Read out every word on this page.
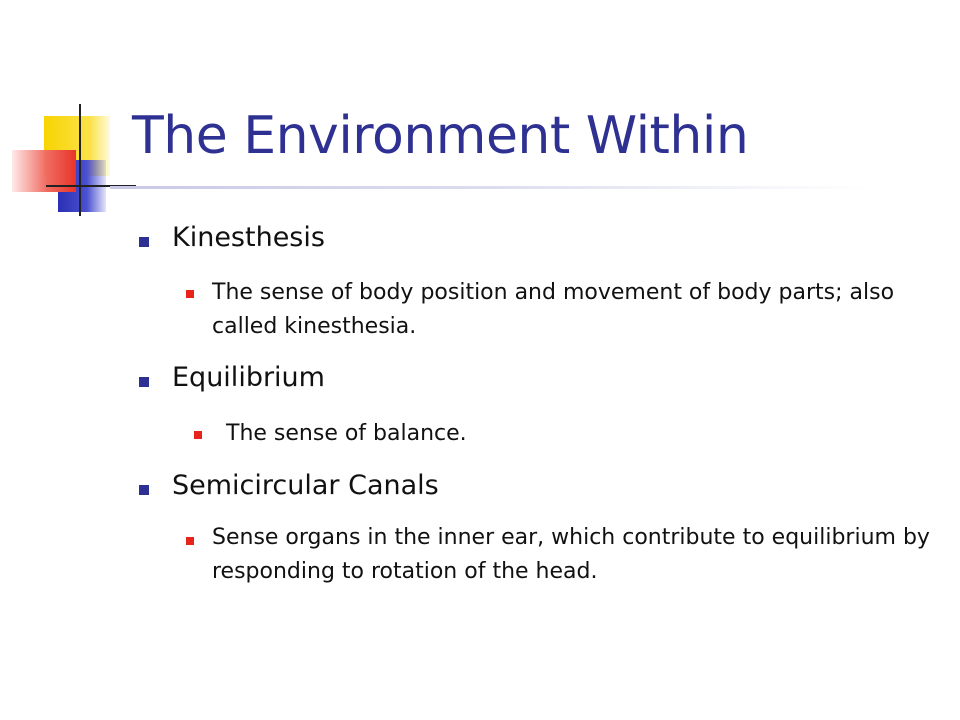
The Environment Within
Kinesthesis
The sense of body position and movement of body parts; also called kinesthesia.
Equilibrium
The sense of balance.
Semicircular Canals
Sense organs in the inner ear, which contribute to equilibrium by responding to rotation of the head.
